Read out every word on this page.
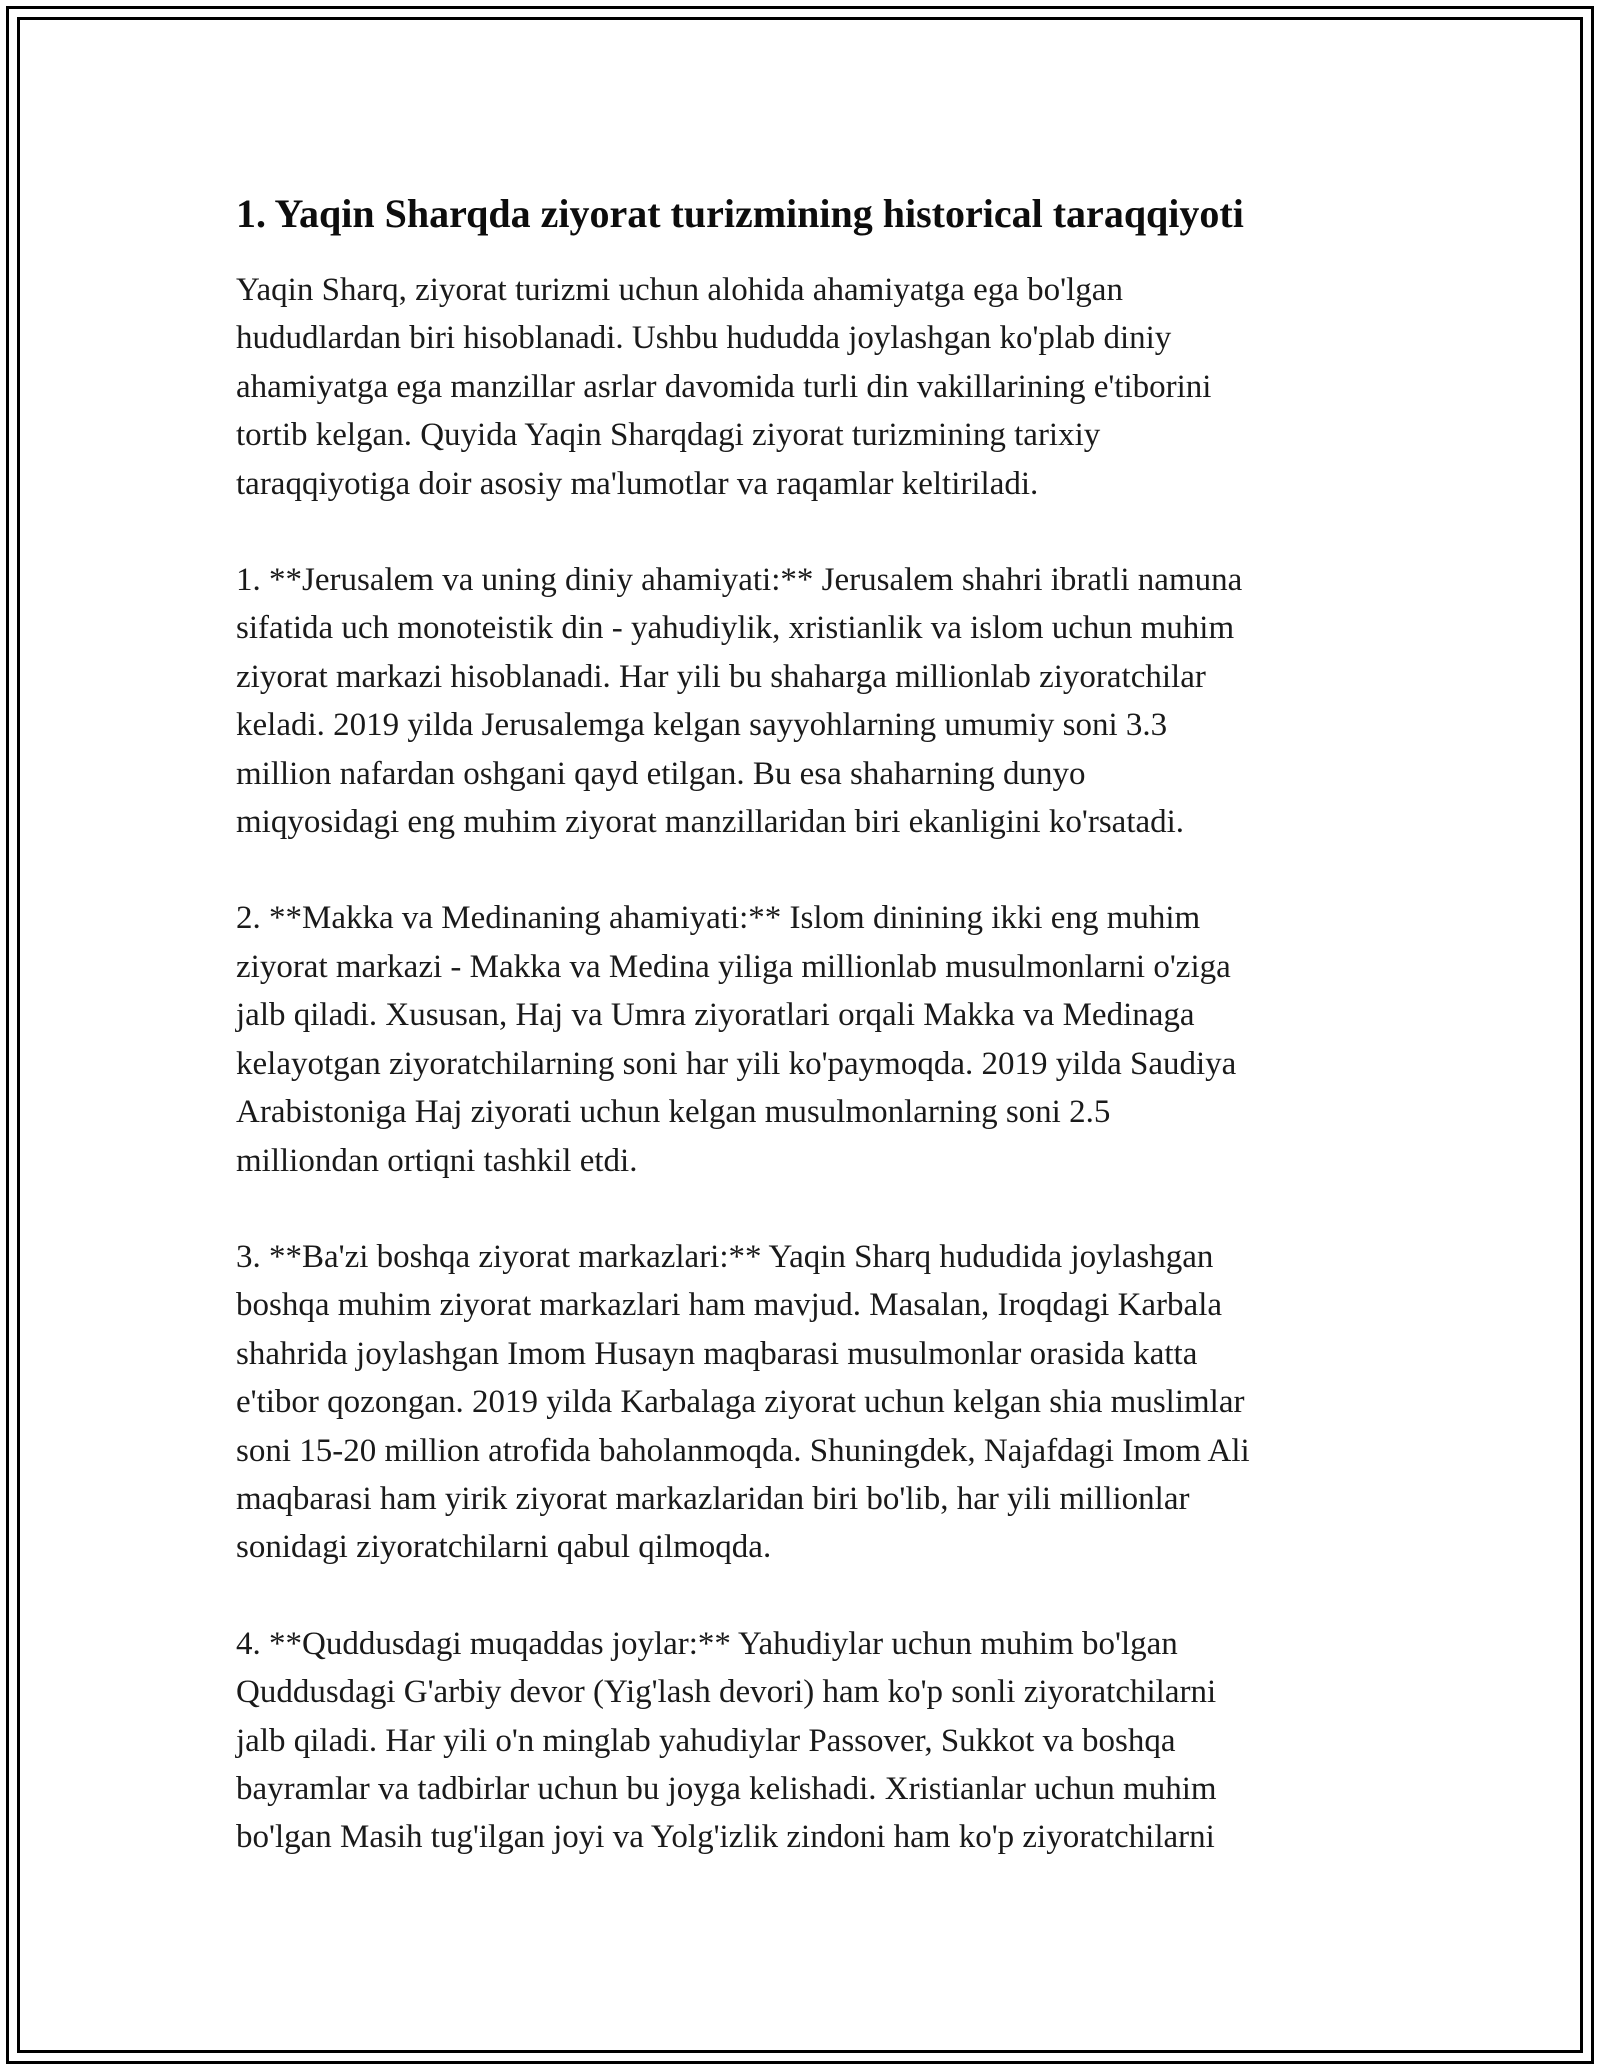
1. Yaqin Sharqda ziyorat turizmining historical taraqqiyoti
Yaqin Sharq, ziyorat turizmi uchun alohida ahamiyatga ega bo'lgan
hududlardan biri hisoblanadi. Ushbu hududda joylashgan ko'plab diniy
ahamiyatga ega manzillar asrlar davomida turli din vakillarining e'tiborini
tortib kelgan. Quyida Yaqin Sharqdagi ziyorat turizmining tarixiy
taraqqiyotiga doir asosiy ma'lumotlar va raqamlar keltiriladi.
1. **Jerusalem va uning diniy ahamiyati:** Jerusalem shahri ibratli namuna
sifatida uch monoteistik din - yahudiylik, xristianlik va islom uchun muhim
ziyorat markazi hisoblanadi. Har yili bu shaharga millionlab ziyoratchilar
keladi. 2019 yilda Jerusalemga kelgan sayyohlarning umumiy soni 3.3
million nafardan oshgani qayd etilgan. Bu esa shaharning dunyo
miqyosidagi eng muhim ziyorat manzillaridan biri ekanligini ko'rsatadi.
2. **Makka va Medinaning ahamiyati:** Islom dinining ikki eng muhim
ziyorat markazi - Makka va Medina yiliga millionlab musulmonlarni o'ziga
jalb qiladi. Xususan, Haj va Umra ziyoratlari orqali Makka va Medinaga
kelayotgan ziyoratchilarning soni har yili ko'paymoqda. 2019 yilda Saudiya
Arabistoniga Haj ziyorati uchun kelgan musulmonlarning soni 2.5
milliondan ortiqni tashkil etdi.
3. **Ba'zi boshqa ziyorat markazlari:** Yaqin Sharq hududida joylashgan
boshqa muhim ziyorat markazlari ham mavjud. Masalan, Iroqdagi Karbala
shahrida joylashgan Imom Husayn maqbarasi musulmonlar orasida katta
e'tibor qozongan. 2019 yilda Karbalaga ziyorat uchun kelgan shia muslimlar
soni 15-20 million atrofida baholanmoqda. Shuningdek, Najafdagi Imom Ali
maqbarasi ham yirik ziyorat markazlaridan biri bo'lib, har yili millionlar
sonidagi ziyoratchilarni qabul qilmoqda.
4. **Quddusdagi muqaddas joylar:** Yahudiylar uchun muhim bo'lgan
Quddusdagi G'arbiy devor (Yig'lash devori) ham ko'p sonli ziyoratchilarni
jalb qiladi. Har yili o'n minglab yahudiylar Passover, Sukkot va boshqa
bayramlar va tadbirlar uchun bu joyga kelishadi. Xristianlar uchun muhim
bo'lgan Masih tug'ilgan joyi va Yolg'izlik zindoni ham ko'p ziyoratchilarni
